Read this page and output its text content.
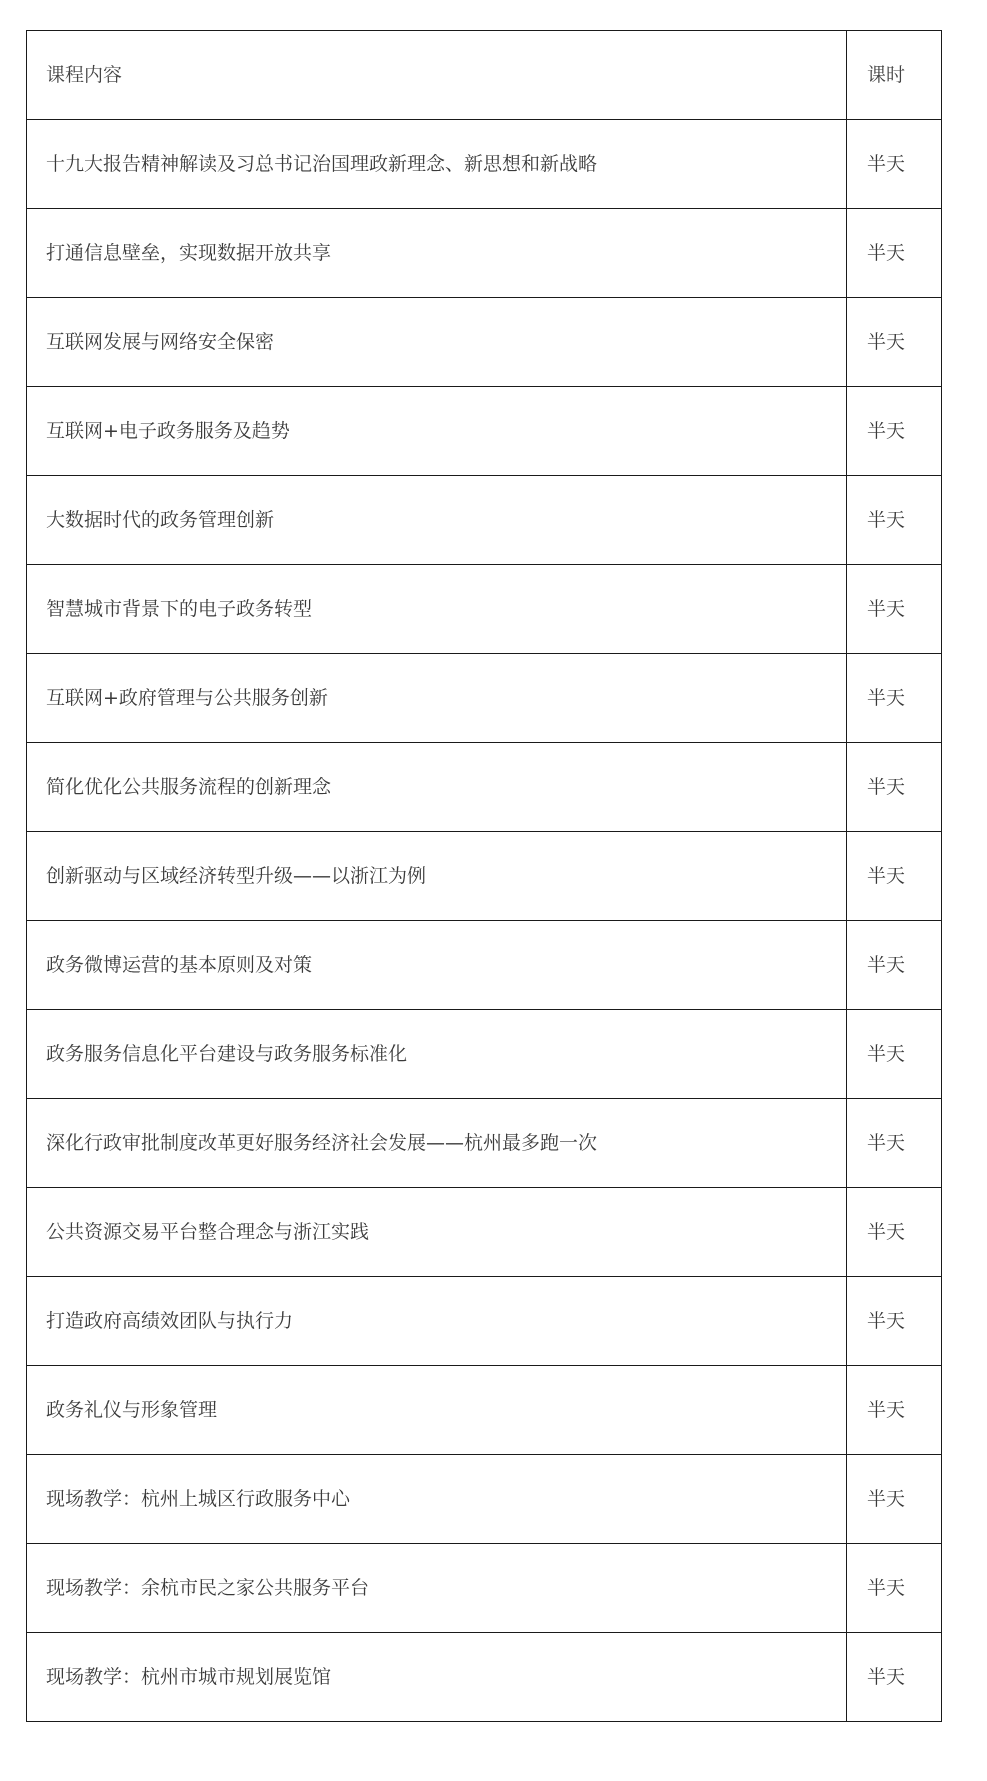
课程内容	课时
十九大报告精神解读及习总书记治国理政新理念、新思想和新战略	半天
打通信息壁垒，实现数据开放共享	半天
互联网发展与网络安全保密	半天
互联网+电子政务服务及趋势	半天
大数据时代的政务管理创新	半天
智慧城市背景下的电子政务转型	半天
互联网+政府管理与公共服务创新	半天
简化优化公共服务流程的创新理念	半天
创新驱动与区域经济转型升级——以浙江为例	半天
政务微博运营的基本原则及对策	半天
政务服务信息化平台建设与政务服务标准化	半天
深化行政审批制度改革更好服务经济社会发展——杭州最多跑一次	半天
公共资源交易平台整合理念与浙江实践	半天
打造政府高绩效团队与执行力	半天
政务礼仪与形象管理	半天
现场教学：杭州上城区行政服务中心	半天
现场教学：余杭市民之家公共服务平台	半天
现场教学：杭州市城市规划展览馆	半天
